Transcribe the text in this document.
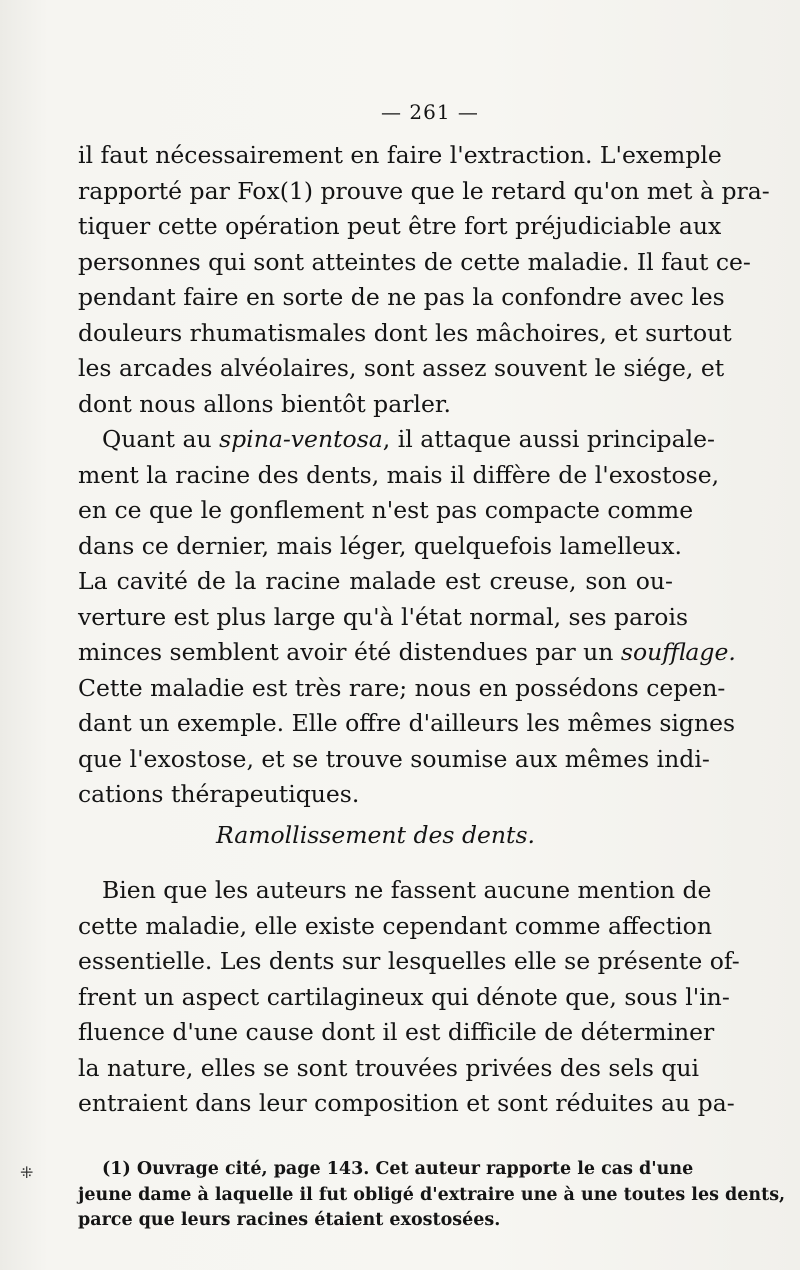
— 261 —
il faut nécessairement en faire l'extraction. L'exemple
rapporté par Fox(1) prouve que le retard qu'on met à pra-
tiquer cette opération peut être fort préjudiciable aux
personnes qui sont atteintes de cette maladie. Il faut ce-
pendant faire en sorte de ne pas la confondre avec les
douleurs rhumatismales dont les mâchoires, et surtout
les arcades alvéolaires, sont assez souvent le siége, et
dont nous allons bientôt parler.
Quant au spina-ventosa, il attaque aussi principale-
ment la racine des dents, mais il diffère de l'exostose,
en ce que le gonflement n'est pas compacte comme
dans ce dernier, mais léger, quelquefois lamelleux.
La cavité de la racine malade est creuse, son ou-
verture est plus large qu'à l'état normal, ses parois
minces semblent avoir été distendues par un soufflage.
Cette maladie est très rare; nous en possédons cepen-
dant un exemple. Elle offre d'ailleurs les mêmes signes
que l'exostose, et se trouve soumise aux mêmes indi-
cations thérapeutiques.
Ramollissement des dents.
Bien que les auteurs ne fassent aucune mention de
cette maladie, elle existe cependant comme affection
essentielle. Les dents sur lesquelles elle se présente of-
frent un aspect cartilagineux qui dénote que, sous l'in-
fluence d'une cause dont il est difficile de déterminer
la nature, elles se sont trouvées privées des sels qui
entraient dans leur composition et sont réduites au pa-
⁜	(1) Ouvrage cité, page 143. Cet auteur rapporte le cas d'une
jeune dame à laquelle il fut obligé d'extraire une à une toutes les dents,
parce que leurs racines étaient exostosées.
